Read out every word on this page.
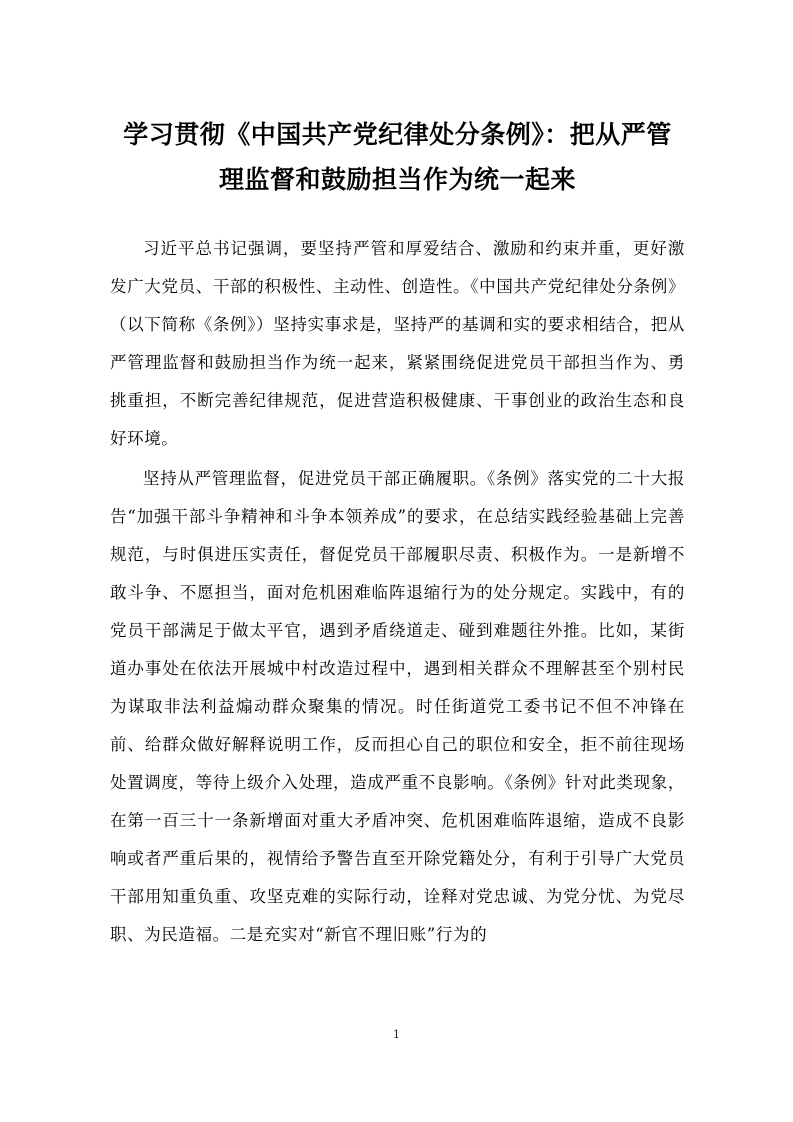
学习贯彻《中国共产党纪律处分条例》：把从严管理监督和鼓励担当作为统一起来

习近平总书记强调，要坚持严管和厚爱结合、激励和约束并重，更好激发广大党员、干部的积极性、主动性、创造性。《中国共产党纪律处分条例》（以下简称《条例》）坚持实事求是，坚持严的基调和实的要求相结合，把从严管理监督和鼓励担当作为统一起来，紧紧围绕促进党员干部担当作为、勇挑重担，不断完善纪律规范，促进营造积极健康、干事创业的政治生态和良好环境。

坚持从严管理监督，促进党员干部正确履职。《条例》落实党的二十大报告“加强干部斗争精神和斗争本领养成”的要求，在总结实践经验基础上完善规范，与时俱进压实责任，督促党员干部履职尽责、积极作为。一是新增不敢斗争、不愿担当，面对危机困难临阵退缩行为的处分规定。实践中，有的党员干部满足于做太平官，遇到矛盾绕道走、碰到难题往外推。比如，某街道办事处在依法开展城中村改造过程中，遇到相关群众不理解甚至个别村民为谋取非法利益煽动群众聚集的情况。时任街道党工委书记不但不冲锋在前、给群众做好解释说明工作，反而担心自己的职位和安全，拒不前往现场处置调度，等待上级介入处理，造成严重不良影响。《条例》针对此类现象，在第一百三十一条新增面对重大矛盾冲突、危机困难临阵退缩，造成不良影响或者严重后果的，视情给予警告直至开除党籍处分，有利于引导广大党员干部用知重负重、攻坚克难的实际行动，诠释对党忠诚、为党分忧、为党尽职、为民造福。二是充实对“新官不理旧账”行为的

1
